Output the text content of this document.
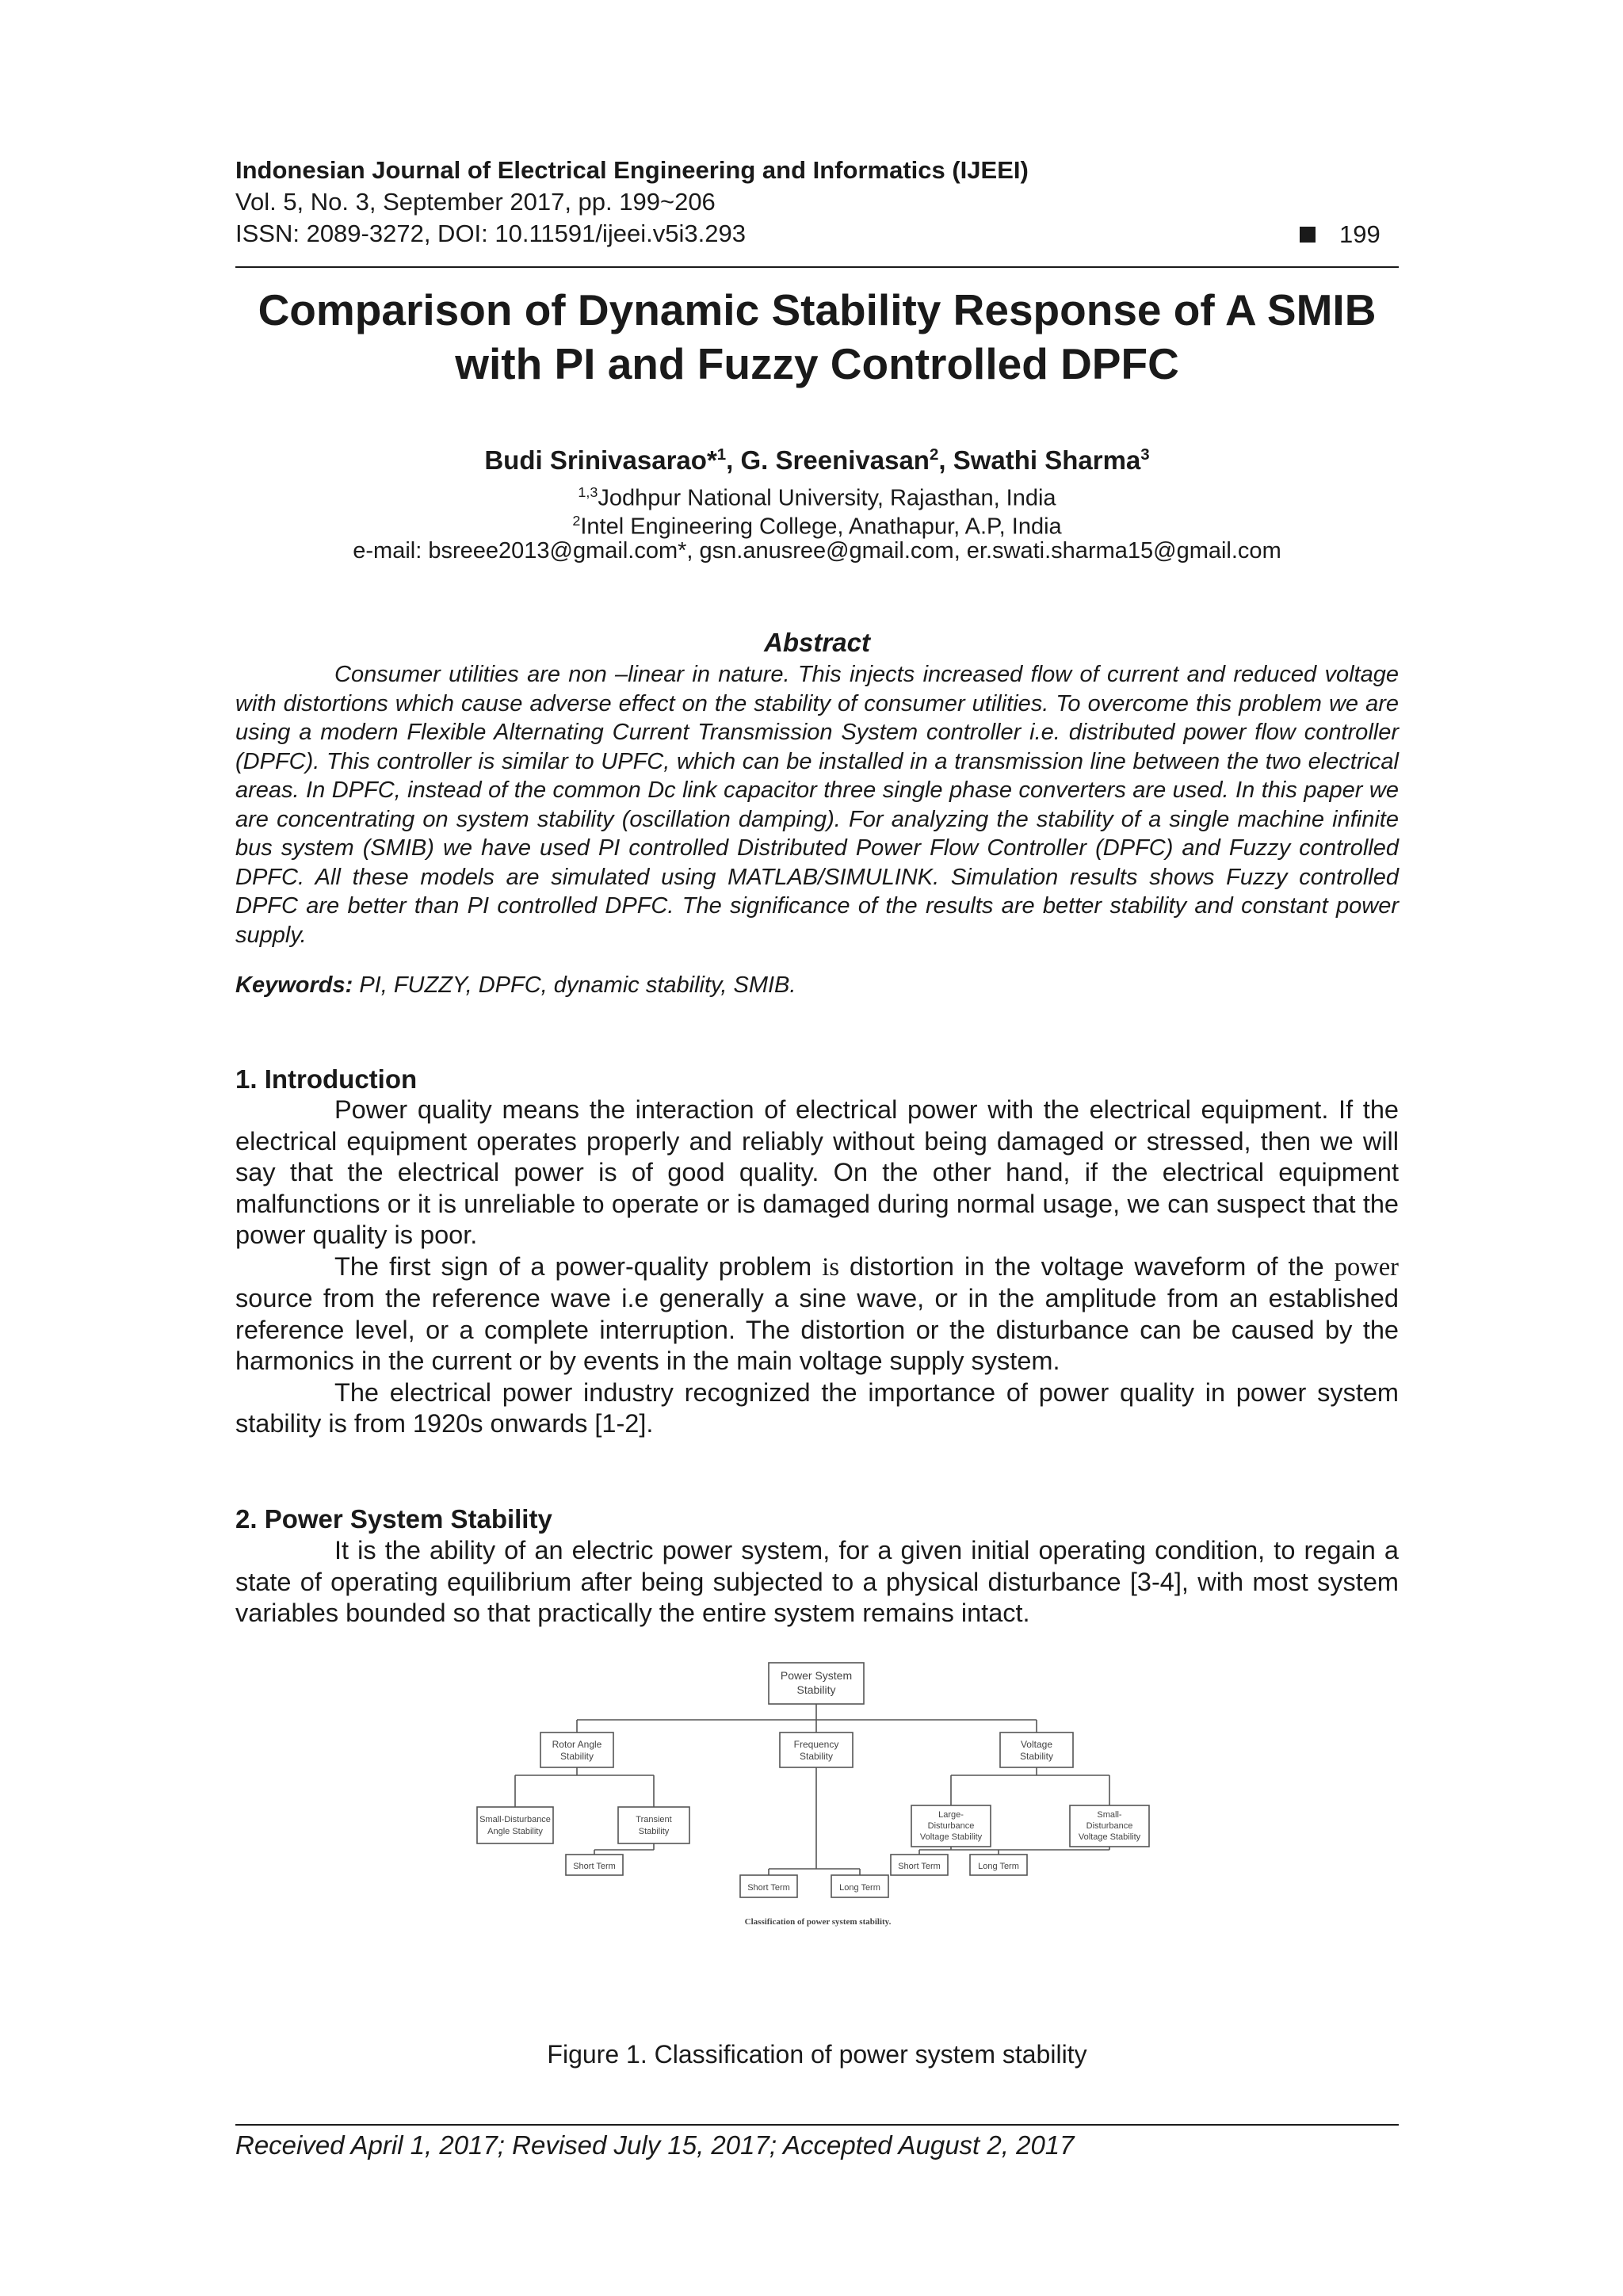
Indonesian Journal of Electrical Engineering and Informatics (IJEEI)
Vol. 5, No. 3, September 2017, pp. 199~206
ISSN: 2089-3272, DOI: 10.11591/ijeei.v5i3.293	199
Comparison of Dynamic Stability Response of A SMIB
with PI and Fuzzy Controlled DPFC
Budi Srinivasarao*$^1$, G. Sreenivasan$^2$, Swathi Sharma$^3$
$^{1,3}$Jodhpur National University, Rajasthan, India
$^2$Intel Engineering College, Anathapur, A.P, India
e-mail: bsreee2013@gmail.com*, gsn.anusree@gmail.com, er.swati.sharma15@gmail.com
Abstract
Consumer utilities are non –linear in nature. This injects increased flow of current and reduced voltage with distortions which cause adverse effect on the stability of consumer utilities. To overcome this problem we are using a modern Flexible Alternating Current Transmission System controller i.e. distributed power flow controller (DPFC). This controller is similar to UPFC, which can be installed in a transmission line between the two electrical areas. In DPFC, instead of the common Dc link capacitor three single phase converters are used. In this paper we are concentrating on system stability (oscillation damping). For analyzing the stability of a single machine infinite bus system (SMIB) we have used PI controlled Distributed Power Flow Controller (DPFC) and Fuzzy controlled DPFC. All these models are simulated using MATLAB/SIMULINK. Simulation results shows Fuzzy controlled DPFC are better than PI controlled DPFC. The significance of the results are better stability and constant power supply.
Keywords: PI, FUZZY, DPFC, dynamic stability, SMIB.
1. Introduction
Power quality means the interaction of electrical power with the electrical equipment. If the electrical equipment operates properly and reliably without being damaged or stressed, then we will say that the electrical power is of good quality. On the other hand, if the electrical equipment malfunctions or it is unreliable to operate or is damaged during normal usage, we can suspect that the power quality is poor.
The first sign of a power-quality problem is distortion in the voltage waveform of the power source from the reference wave i.e generally a sine wave, or in the amplitude from an established reference level, or a complete interruption. The distortion or the disturbance can be caused by the harmonics in the current or by events in the main voltage supply system.
The electrical power industry recognized the importance of power quality in power system stability is from 1920s onwards [1-2].
2. Power System Stability
It is the ability of an electric power system, for a given initial operating condition, to regain a state of operating equilibrium after being subjected to a physical disturbance [3-4], with most system variables bounded so that practically the entire system remains intact.
Power System
Stability
Rotor Angle
Stability
Frequency
Stability
Voltage
Stability
Small-Disturbance
Angle Stability
Transient
Stability
Large-
Disturbance
Voltage Stability
Small-
Disturbance
Voltage Stability
Short Term
Short Term	Long Term
Short Term	Long Term
Classification of power system stability.
Figure 1. Classification of power system stability
Received April 1, 2017; Revised July 15, 2017; Accepted August 2, 2017
